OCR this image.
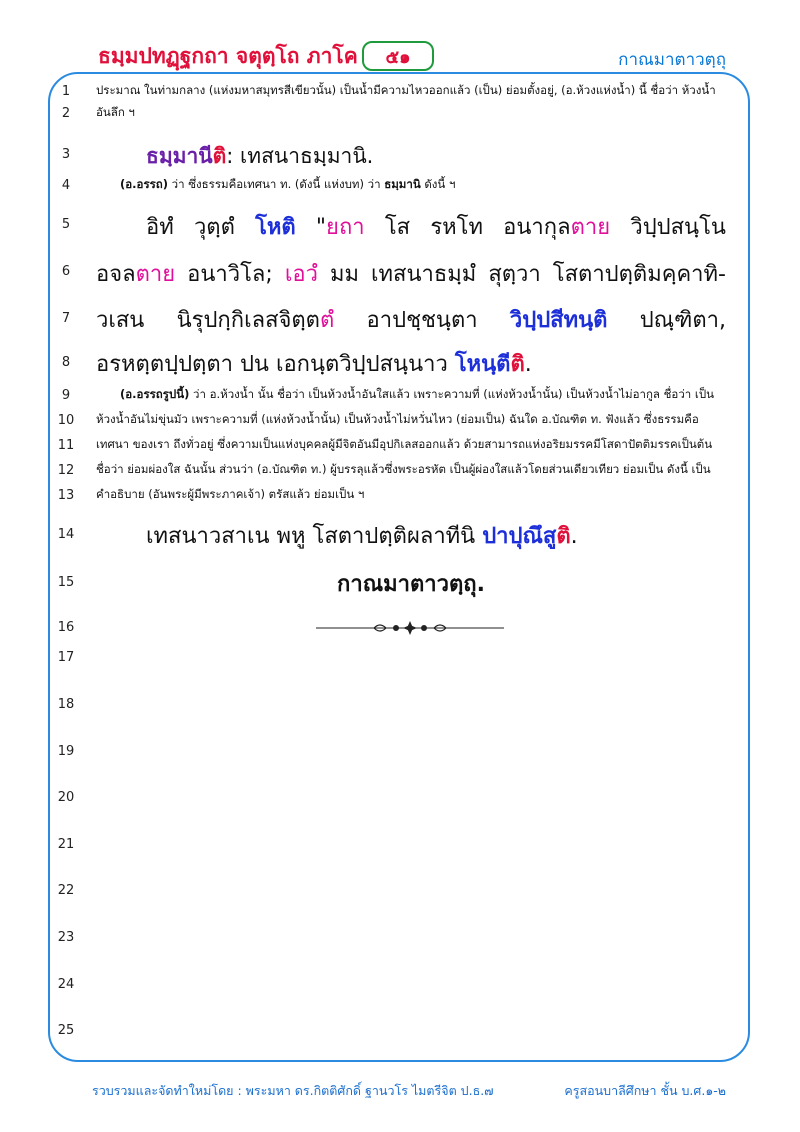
ธมฺมปทฏฺฐกถา จตุตฺโถ ภาโค	๕๑	กาณมาตาวตฺถุ
1
2
3
4
5
6
7
8
9
10
11
12
13
14
15
16
17
18
19
20
21
22
23
24
25
ประมาณ ในท่ามกลาง (แห่งมหาสมุทรสีเขียวนั้น) เป็นน้ำมีความไหวออกแล้ว (เป็น) ย่อมตั้งอยู่, (อ.ห้วงแห่งน้ำ) นี้ ชื่อว่า ห้วงน้ำ
อันลึก ฯ
ธมฺมานีติ: เทสนาธมฺมานิ.
(อ.อรรถ) ว่า ซึ่งธรรมคือเทศนา ท. (ดังนี้ แห่งบท) ว่า ธมฺมานิ ดังนี้ ฯ
อิทํ วุตฺตํ โหติ "ยถา โส รหโท อนากุลตาย วิปฺปสนฺโน
อจลตาย อนาวิโล; เอวํ มม เทสนาธมฺมํ สุตฺวา โสตาปตฺติมคฺคาทิ-
วเสน นิรุปกฺกิเลสจิตฺตตํ อาปชฺชนฺตา วิปฺปสีทนฺติ ปณฺฑิตา,
อรหตฺตปฺปตฺตา ปน เอกนฺตวิปฺปสนฺนาว โหนฺตีติ.
(อ.อรรถรูปนี้) ว่า อ.ห้วงน้ำ นั้น ชื่อว่า เป็นห้วงน้ำอันใสแล้ว เพราะความที่ (แห่งห้วงน้ำนั้น) เป็นห้วงน้ำไม่อากูล ชื่อว่า เป็น
ห้วงน้ำอันไม่ขุ่นมัว เพราะความที่ (แห่งห้วงน้ำนั้น) เป็นห้วงน้ำไม่หวั่นไหว (ย่อมเป็น) ฉันใด อ.บัณฑิต ท. ฟังแล้ว ซึ่งธรรมคือ
เทศนา ของเรา ถึงทั่วอยู่ ซึ่งความเป็นแห่งบุคคลผู้มีจิตอันมีอุปกิเลสออกแล้ว ด้วยสามารถแห่งอริยมรรคมีโสดาปัตติมรรคเป็นต้น
ชื่อว่า ย่อมผ่องใส ฉันนั้น ส่วนว่า (อ.บัณฑิต ท.) ผู้บรรลุแล้วซึ่งพระอรหัต เป็นผู้ผ่องใสแล้วโดยส่วนเดียวเทียว ย่อมเป็น ดังนี้ เป็น
คำอธิบาย (อันพระผู้มีพระภาคเจ้า) ตรัสแล้ว ย่อมเป็น ฯ
เทสนาวสาเน พหู โสตาปตฺติผลาทีนิ ปาปุณึสูติ.
กาณมาตาวตฺถุ.
รวบรวมและจัดทำใหม่โดย : พระมหา ดร.กิตติศักดิ์ ฐานวโร ไมตรีจิต ป.ธ.๗	ครูสอนบาลีศึกษา ชั้น บ.ศ.๑-๒
